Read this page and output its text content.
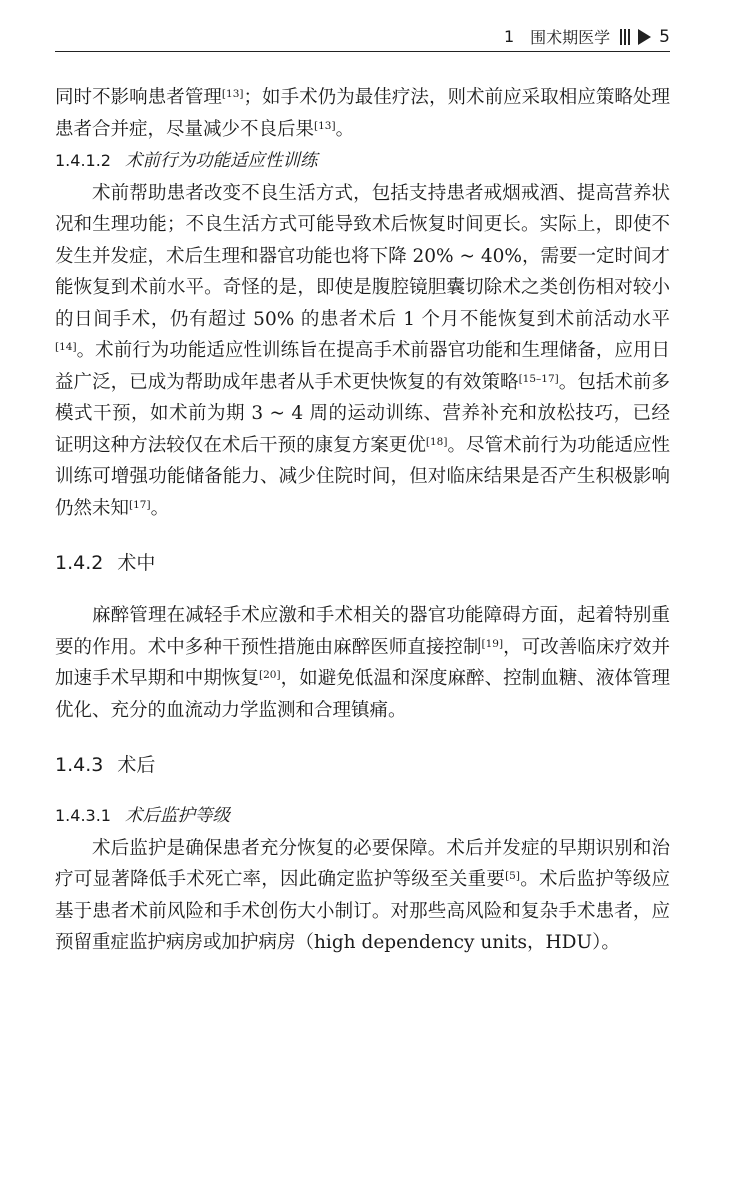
1 围术期医学	5

同时不影响患者管理[13]；如手术仍为最佳疗法，则术前应采取相应策略处理患者合并症，尽量减少不良后果[13]。

1.4.1.2 术前行为功能适应性训练

术前帮助患者改变不良生活方式，包括支持患者戒烟戒酒、提高营养状况和生理功能；不良生活方式可能导致术后恢复时间更长。实际上，即使不发生并发症，术后生理和器官功能也将下降 20% ~ 40%，需要一定时间才能恢复到术前水平。奇怪的是，即使是腹腔镜胆囊切除术之类创伤相对较小的日间手术，仍有超过 50% 的患者术后 1 个月不能恢复到术前活动水平[14]。术前行为功能适应性训练旨在提高手术前器官功能和生理储备，应用日益广泛，已成为帮助成年患者从手术更快恢复的有效策略[15–17]。包括术前多模式干预，如术前为期 3 ~ 4 周的运动训练、营养补充和放松技巧，已经证明这种方法较仅在术后干预的康复方案更优[18]。尽管术前行为功能适应性训练可增强功能储备能力、减少住院时间，但对临床结果是否产生积极影响仍然未知[17]。

1.4.2 术中

麻醉管理在减轻手术应激和手术相关的器官功能障碍方面，起着特别重要的作用。术中多种干预性措施由麻醉医师直接控制[19]，可改善临床疗效并加速手术早期和中期恢复[20]，如避免低温和深度麻醉、控制血糖、液体管理优化、充分的血流动力学监测和合理镇痛。

1.4.3 术后

1.4.3.1 术后监护等级

术后监护是确保患者充分恢复的必要保障。术后并发症的早期识别和治疗可显著降低手术死亡率，因此确定监护等级至关重要[5]。术后监护等级应基于患者术前风险和手术创伤大小制订。对那些高风险和复杂手术患者，应预留重症监护病房或加护病房（high dependency units，HDU）。
